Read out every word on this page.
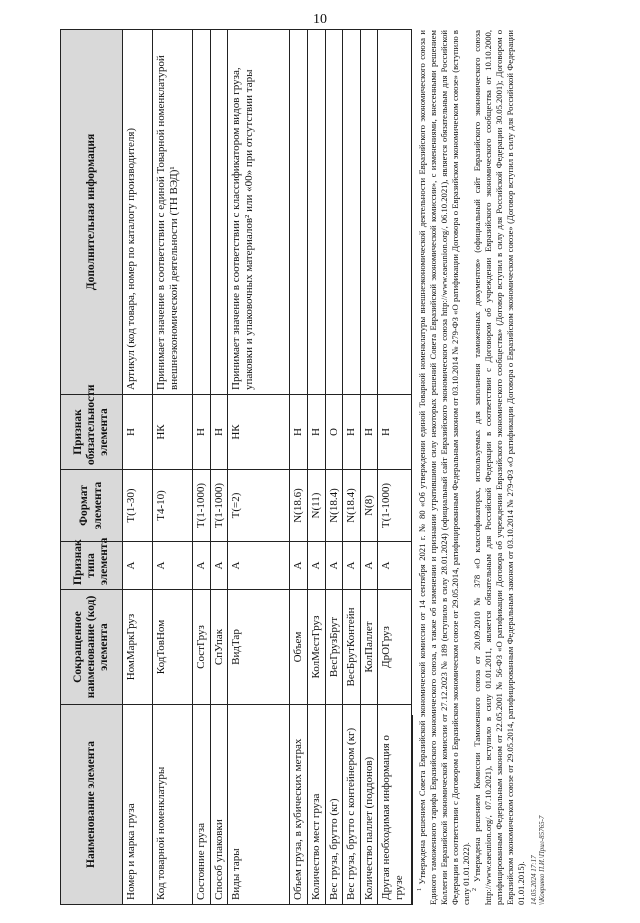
10
Наименование элемента	Сокращенное наименование (код) элемента	Признак типа элемента	Формат элемента	Признак обязательности элемента	Дополнительная информация
Номер и марка груза	НомМаркГруз	А	Т(1-30)	Н	Артикул (код товара, номер по каталогу производителя)
Код товарной номенклатуры	КодТовНом	А	Т4-10)	НК	Принимает значение в соответствии с единой Товарной номенклатурой внешнеэкономической деятельности (ТН ВЭД)¹
Состояние груза	СостГруз	А	Т(1-1000)	Н	
Способ упаковки	СпУпак	А	Т(1-1000)	Н	
Виды тары	ВидТар	А	Т(=2)	НК	Принимает значение в соответствии с классификатором видов груза, упаковки и упаковочных материалов² или «00» при отсутствии тары
Объем груза, в кубических метрах	Объем	А	N(18.6)	Н	
Количество мест груза	КолМестГруз	А	N(11)	Н	
Вес груза, брутто (кг)	ВесГрузБрут	А	N(18.4)	О	
Вес груза, брутто с контейнером (кг)	ВесБрутКонтейн	А	N(18.4)	Н	
Количество паллет (поддонов)	КолПаллет	А	N(8)	Н	
Другая необходимая информация о грузе	ДрОГруз	А	Т(1-1000)	Н	

$^1$ Утверждена решением Совета Евразийской экономической комиссии от 14 сентября 2021 г. № 80 «Об утверждении единой Товарной номенклатуры внешнеэкономической деятельности Евразийского экономического союза и Единого таможенного тарифа Евразийского экономического союза, а также об изменении и признании утратившими силу некоторых решений Совета Евразийской экономической комиссии», с изменениями, внесенными решением Коллегии Евразийской экономической комиссии от 27.12.2023 № 189 (вступило в силу 28.01.2024) (официальный сайт Евразийского экономического союза http://www.eaeunion.org/, 06.10.2021), является обязательным для Российской Федерации в соответствии с Договором о Евразийском экономическом союзе от 29.05.2014, ратифицированным Федеральным законом от 03.10.2014 № 279-ФЗ «О ратификации Договора о Евразийском экономическом союзе» (вступило в силу 01.01.2022). $^2$ Утверждена решением Комиссии Таможенного союза от 20.09.2010 № 378 «О классификаторах, используемых для заполнения таможенных документов» (официальный сайт Евразийского экономического союза http://www.eaeunion.org/, 07.10.2021), вступило в силу 01.01.2011, является обязательным для Российской Федерации в соответствии с Договором об учреждении Евразийского экономического сообщества от 10.10.2000, ратифицированным Федеральным законом от 22.05.2001 № 56-ФЗ «О ратификации Договора об учреждении Евразийского экономического сообщества» (Договор вступил в силу для Российской Федерации 30.05.2001); Договором о Евразийском экономическом союзе от 29.05.2014, ратифицированным Федеральным законом от 03.10.2014 № 279-ФЗ «О ратификации Договора о Евразийском экономическом союзе» (Договор вступил в силу для Российской Федерации 01.01.2015). 14.05.2024 17:17 \\Ковривко П.И.\Прил-85765-7
